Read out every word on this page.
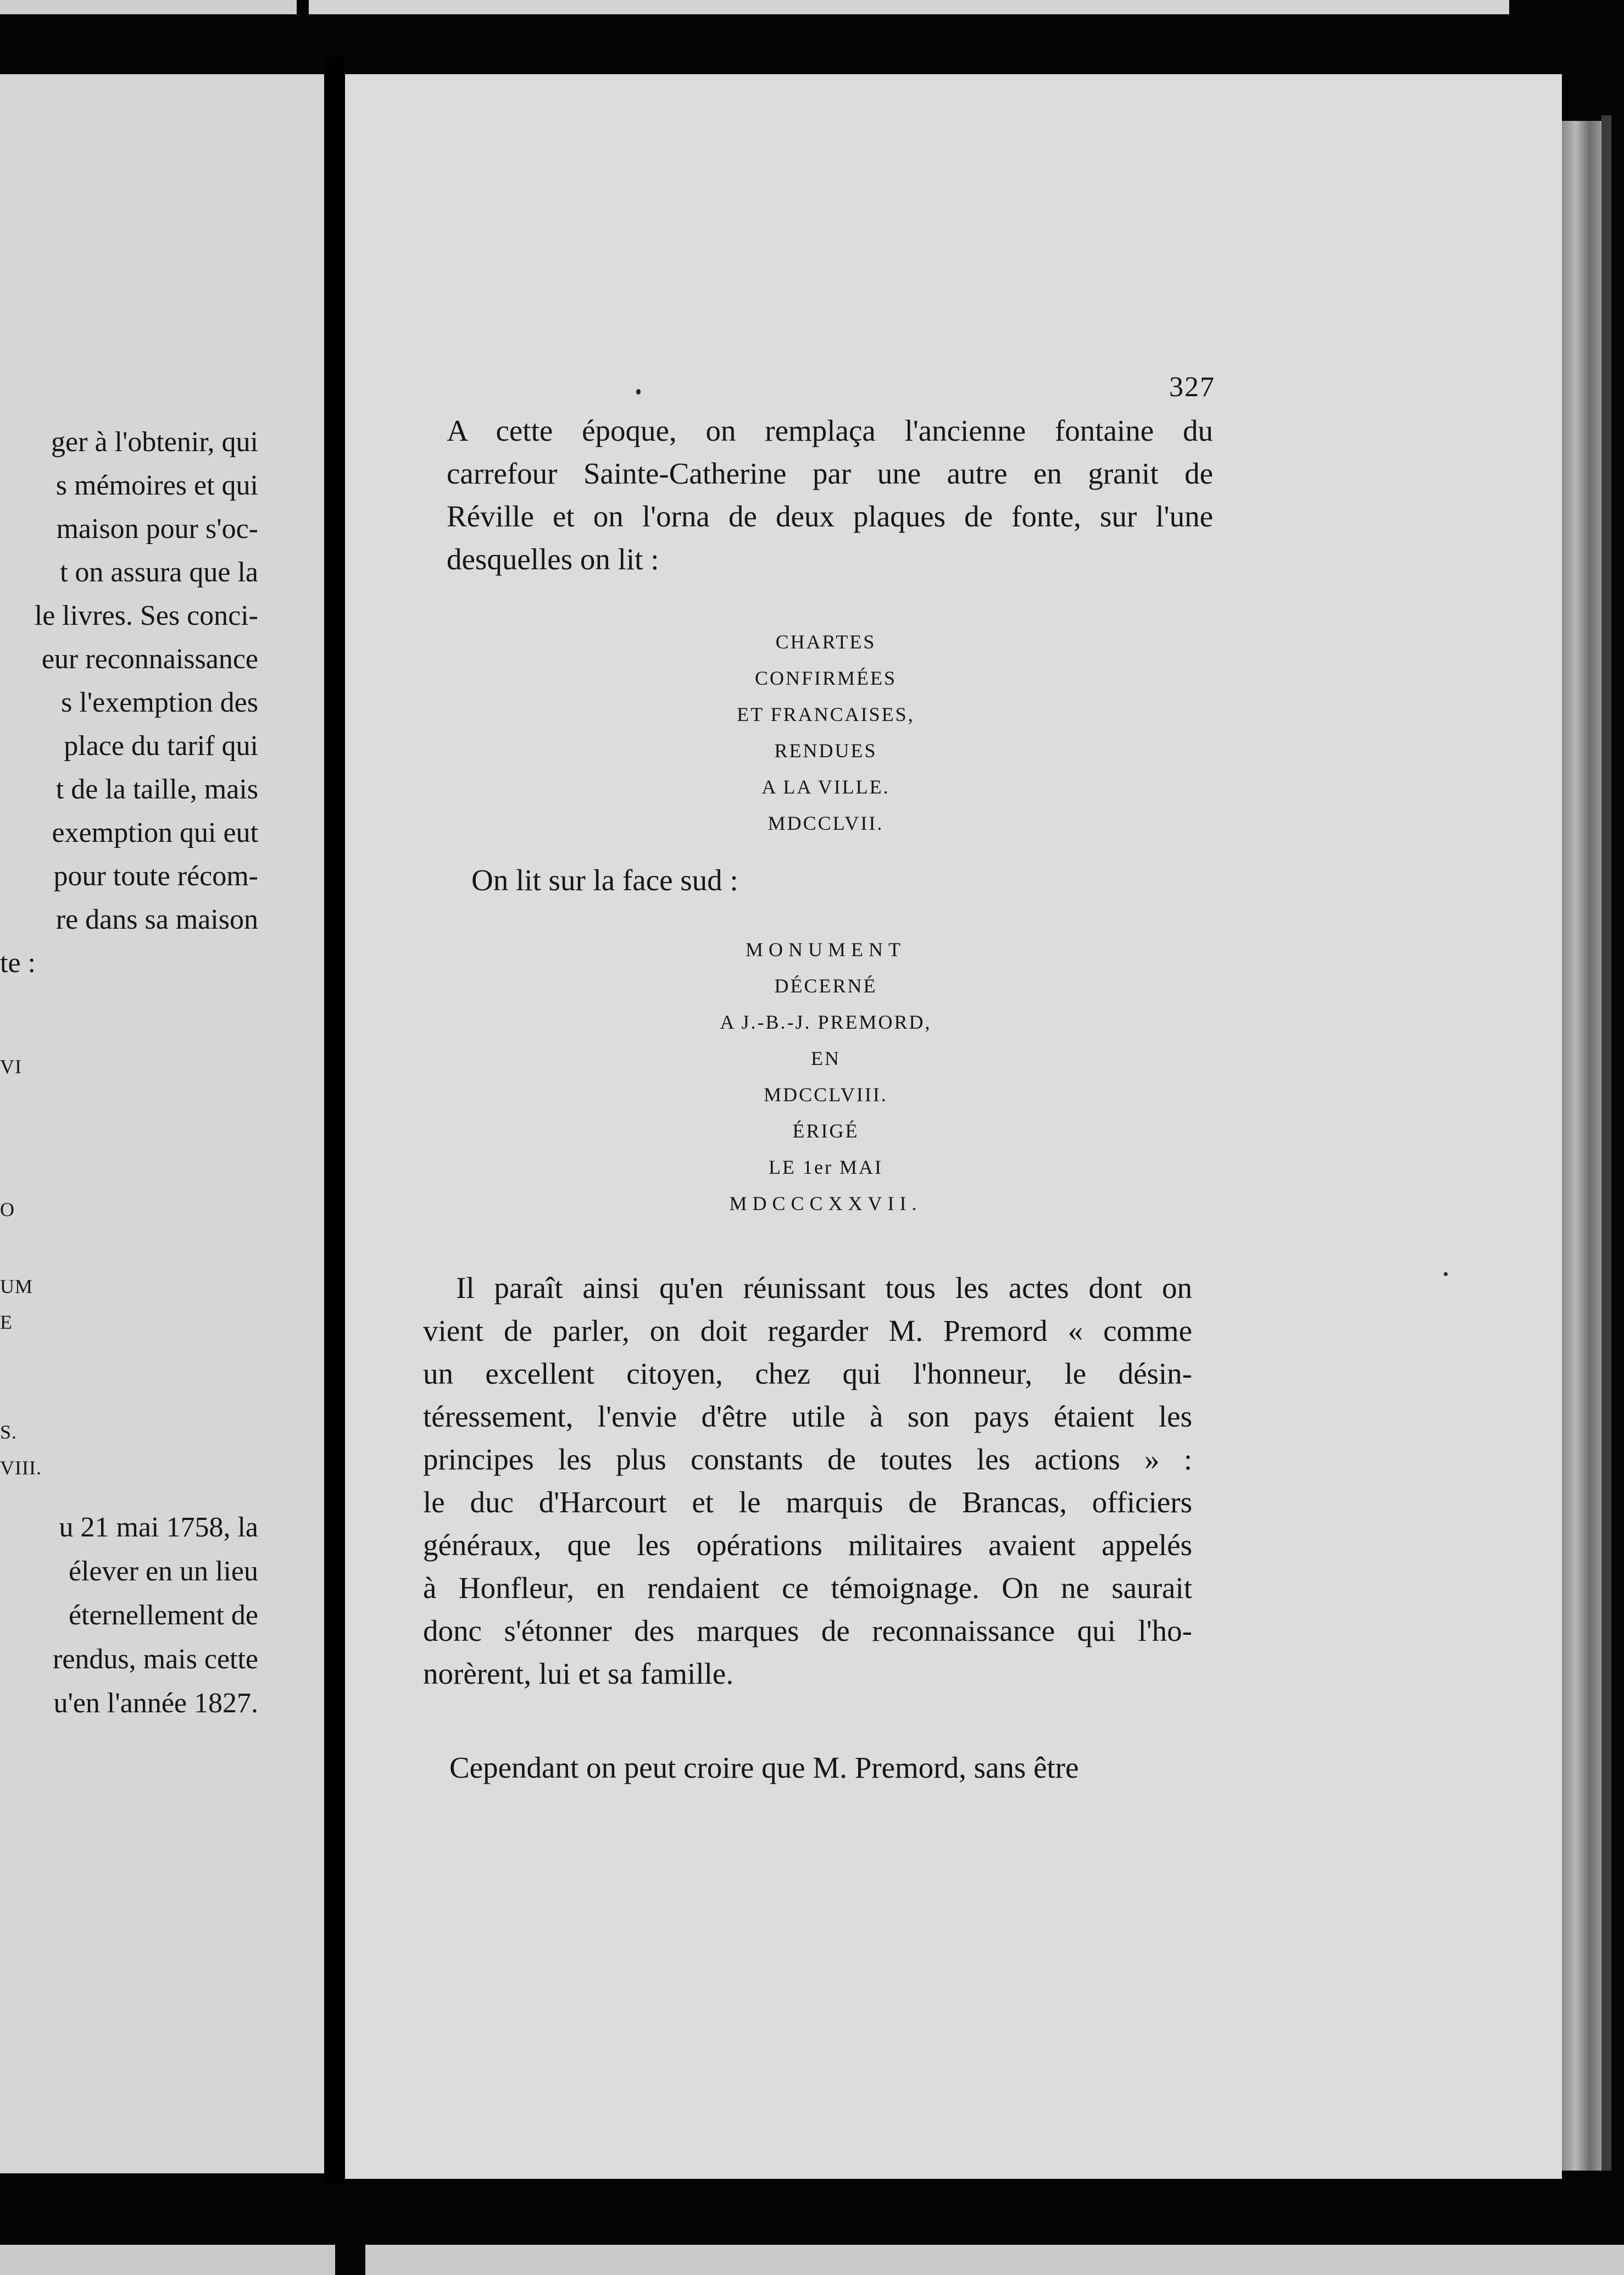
ger à l'obtenir, qui
s mémoires et qui
maison pour s'oc-
t on assura que la
le livres. Ses conci-
eur reconnaissance
s l'exemption des
place du tarif qui
t de la taille, mais
exemption qui eut
pour toute récom-
re dans sa maison
te :
VI
O
UM
E
S.
VIII.
u 21 mai 1758, la
élever en un lieu
éternellement de
rendus, mais cette
u'en l'année 1827.
327
A cette époque, on remplaça l'ancienne fontaine du
carrefour Sainte-Catherine par une autre en granit de
Réville et on l'orna de deux plaques de fonte, sur l'une
desquelles on lit :
CHARTES
CONFIRMÉES
ET FRANCAISES,
RENDUES
A LA VILLE.
MDCCLVII.
On lit sur la face sud :
MONUMENT
DÉCERNÉ
A J.-B.-J. PREMORD,
EN
MDCCLVIII.
ÉRIGÉ
LE 1er MAI
MDCCCXXVII.
Il paraît ainsi qu'en réunissant tous les actes dont on
vient de parler, on doit regarder M. Premord « comme
un excellent citoyen, chez qui l'honneur, le désin-
téressement, l'envie d'être utile à son pays étaient les
principes les plus constants de toutes les actions » :
le duc d'Harcourt et le marquis de Brancas, officiers
généraux, que les opérations militaires avaient appelés
à Honfleur, en rendaient ce témoignage. On ne saurait
donc s'étonner des marques de reconnaissance qui l'ho-
norèrent, lui et sa famille.
Cependant on peut croire que M. Premord, sans être
